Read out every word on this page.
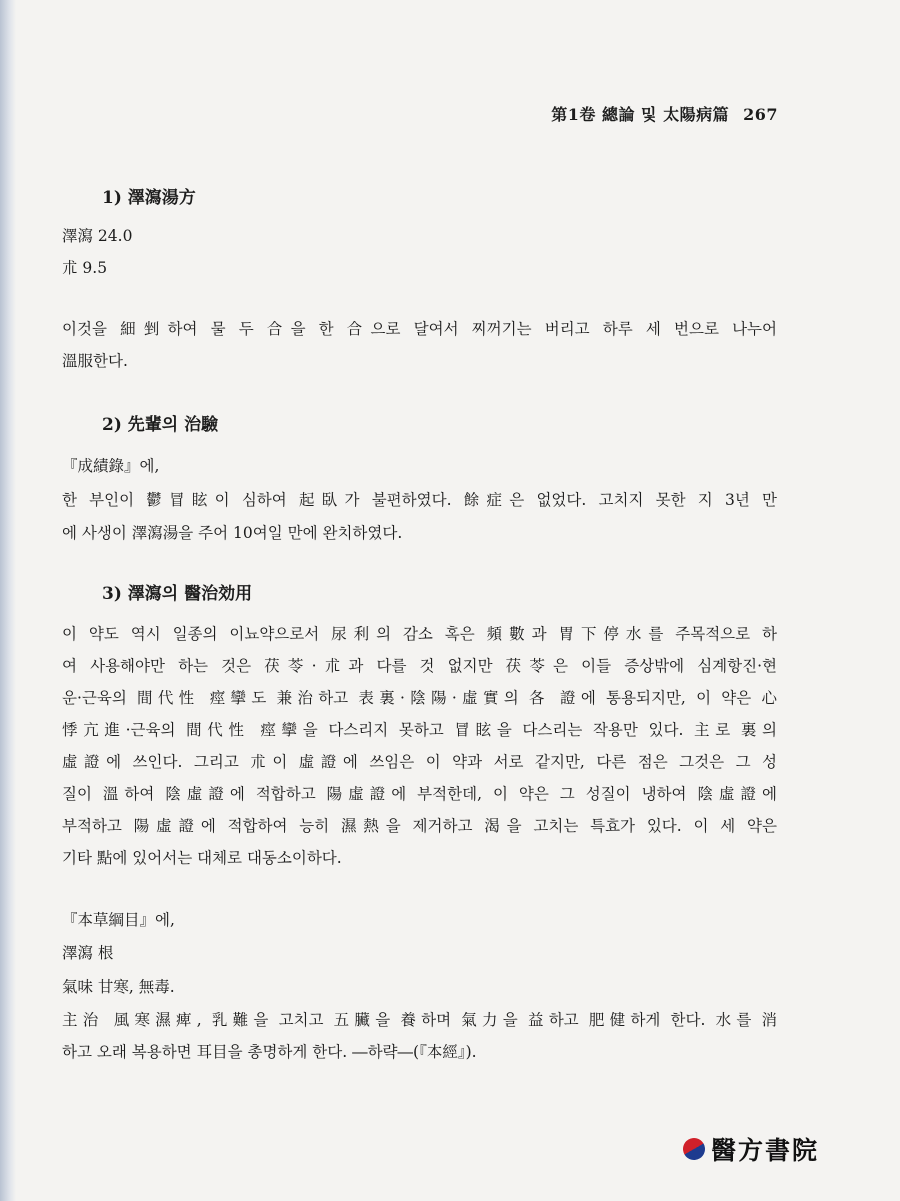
第1卷 總論 및 太陽病篇 267
1) 澤瀉湯方
澤瀉 24.0
朮 9.5
이것을 細剉하여 물 두 合을 한 合으로 달여서 찌꺼기는 버리고 하루 세 번으로 나누어
溫服한다.
2) 先輩의 治驗
『成績錄』에,
한 부인이 鬱冒眩이 심하여 起臥가 불편하였다. 餘症은 없었다. 고치지 못한 지 3년 만
에 사생이 澤瀉湯을 주어 10여일 만에 완치하였다.
3) 澤瀉의 醫治効用
이 약도 역시 일종의 이뇨약으로서 尿利의 감소 혹은 頻數과 胃下停水를 주목적으로 하
여 사용해야만 하는 것은 茯苓·朮과 다를 것 없지만 茯苓은 이들 증상밖에 심계항진·현
운·근육의 間代性 痙攣도 兼治하고 表裏·陰陽·虛實의 各 證에 통용되지만, 이 약은 心
悸亢進·근육의 間代性 痙攣을 다스리지 못하고 冒眩을 다스리는 작용만 있다. 主로 裏의
虛證에 쓰인다. 그리고 朮이 虛證에 쓰임은 이 약과 서로 같지만, 다른 점은 그것은 그 성
질이 溫하여 陰虛證에 적합하고 陽虛證에 부적한데, 이 약은 그 성질이 냉하여 陰虛證에
부적하고 陽虛證에 적합하여 능히 濕熱을 제거하고 渴을 고치는 특효가 있다. 이 세 약은
기타 點에 있어서는 대체로 대동소이하다.
『本草綱目』에,
澤瀉 根
氣味 甘寒, 無毒.
主治 風寒濕痺, 乳難을 고치고 五臟을 養하며 氣力을 益하고 肥健하게 한다. 水를 消
하고 오래 복용하면 耳目을 총명하게 한다. ―하략―(『本經』).
醫方書院
